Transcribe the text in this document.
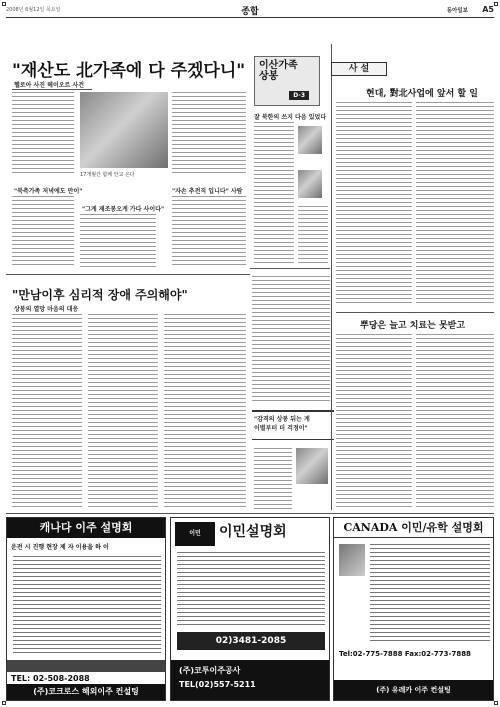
2008년 6월12일 목요일	종합	동아일보 A5
"재산도 北가족에 다 주겠다니"
헬로아 사진 헤이오르 사건
17개월간 함께 안교 온다
"북측가족 저녁에도 만이"
"그게 재조봉오게 가다 사이다"
"자손 추전직 입니다" 사람
"만남이후 심리적 장애 주의해야"
상봉의 열망 마음의 대응
이산가족
상봉
D-3
잘 북한의 쓰지 다음 있었다
"감격의 상봉 뒤는 게
이별부터 더 걱정이"
사 설
현대, 對北사업에 앞서 할 일
뿌당은 늘고 치료는 못받고
캐나다 이주 설명회
운전 시 진행 현장 제 자 이용을 하 이
TEL: 02-508-2088
(주)코크로스 해외이주 컨설팅
이민	이민설명회
02)3481-2085
(주)코투이주공사
TEL(02)557-5211
CANADA 이민/유학 설명회
Tel:02-775-7888 Fax:02-773-7888
(주) 유레카 이주 컨설팅
